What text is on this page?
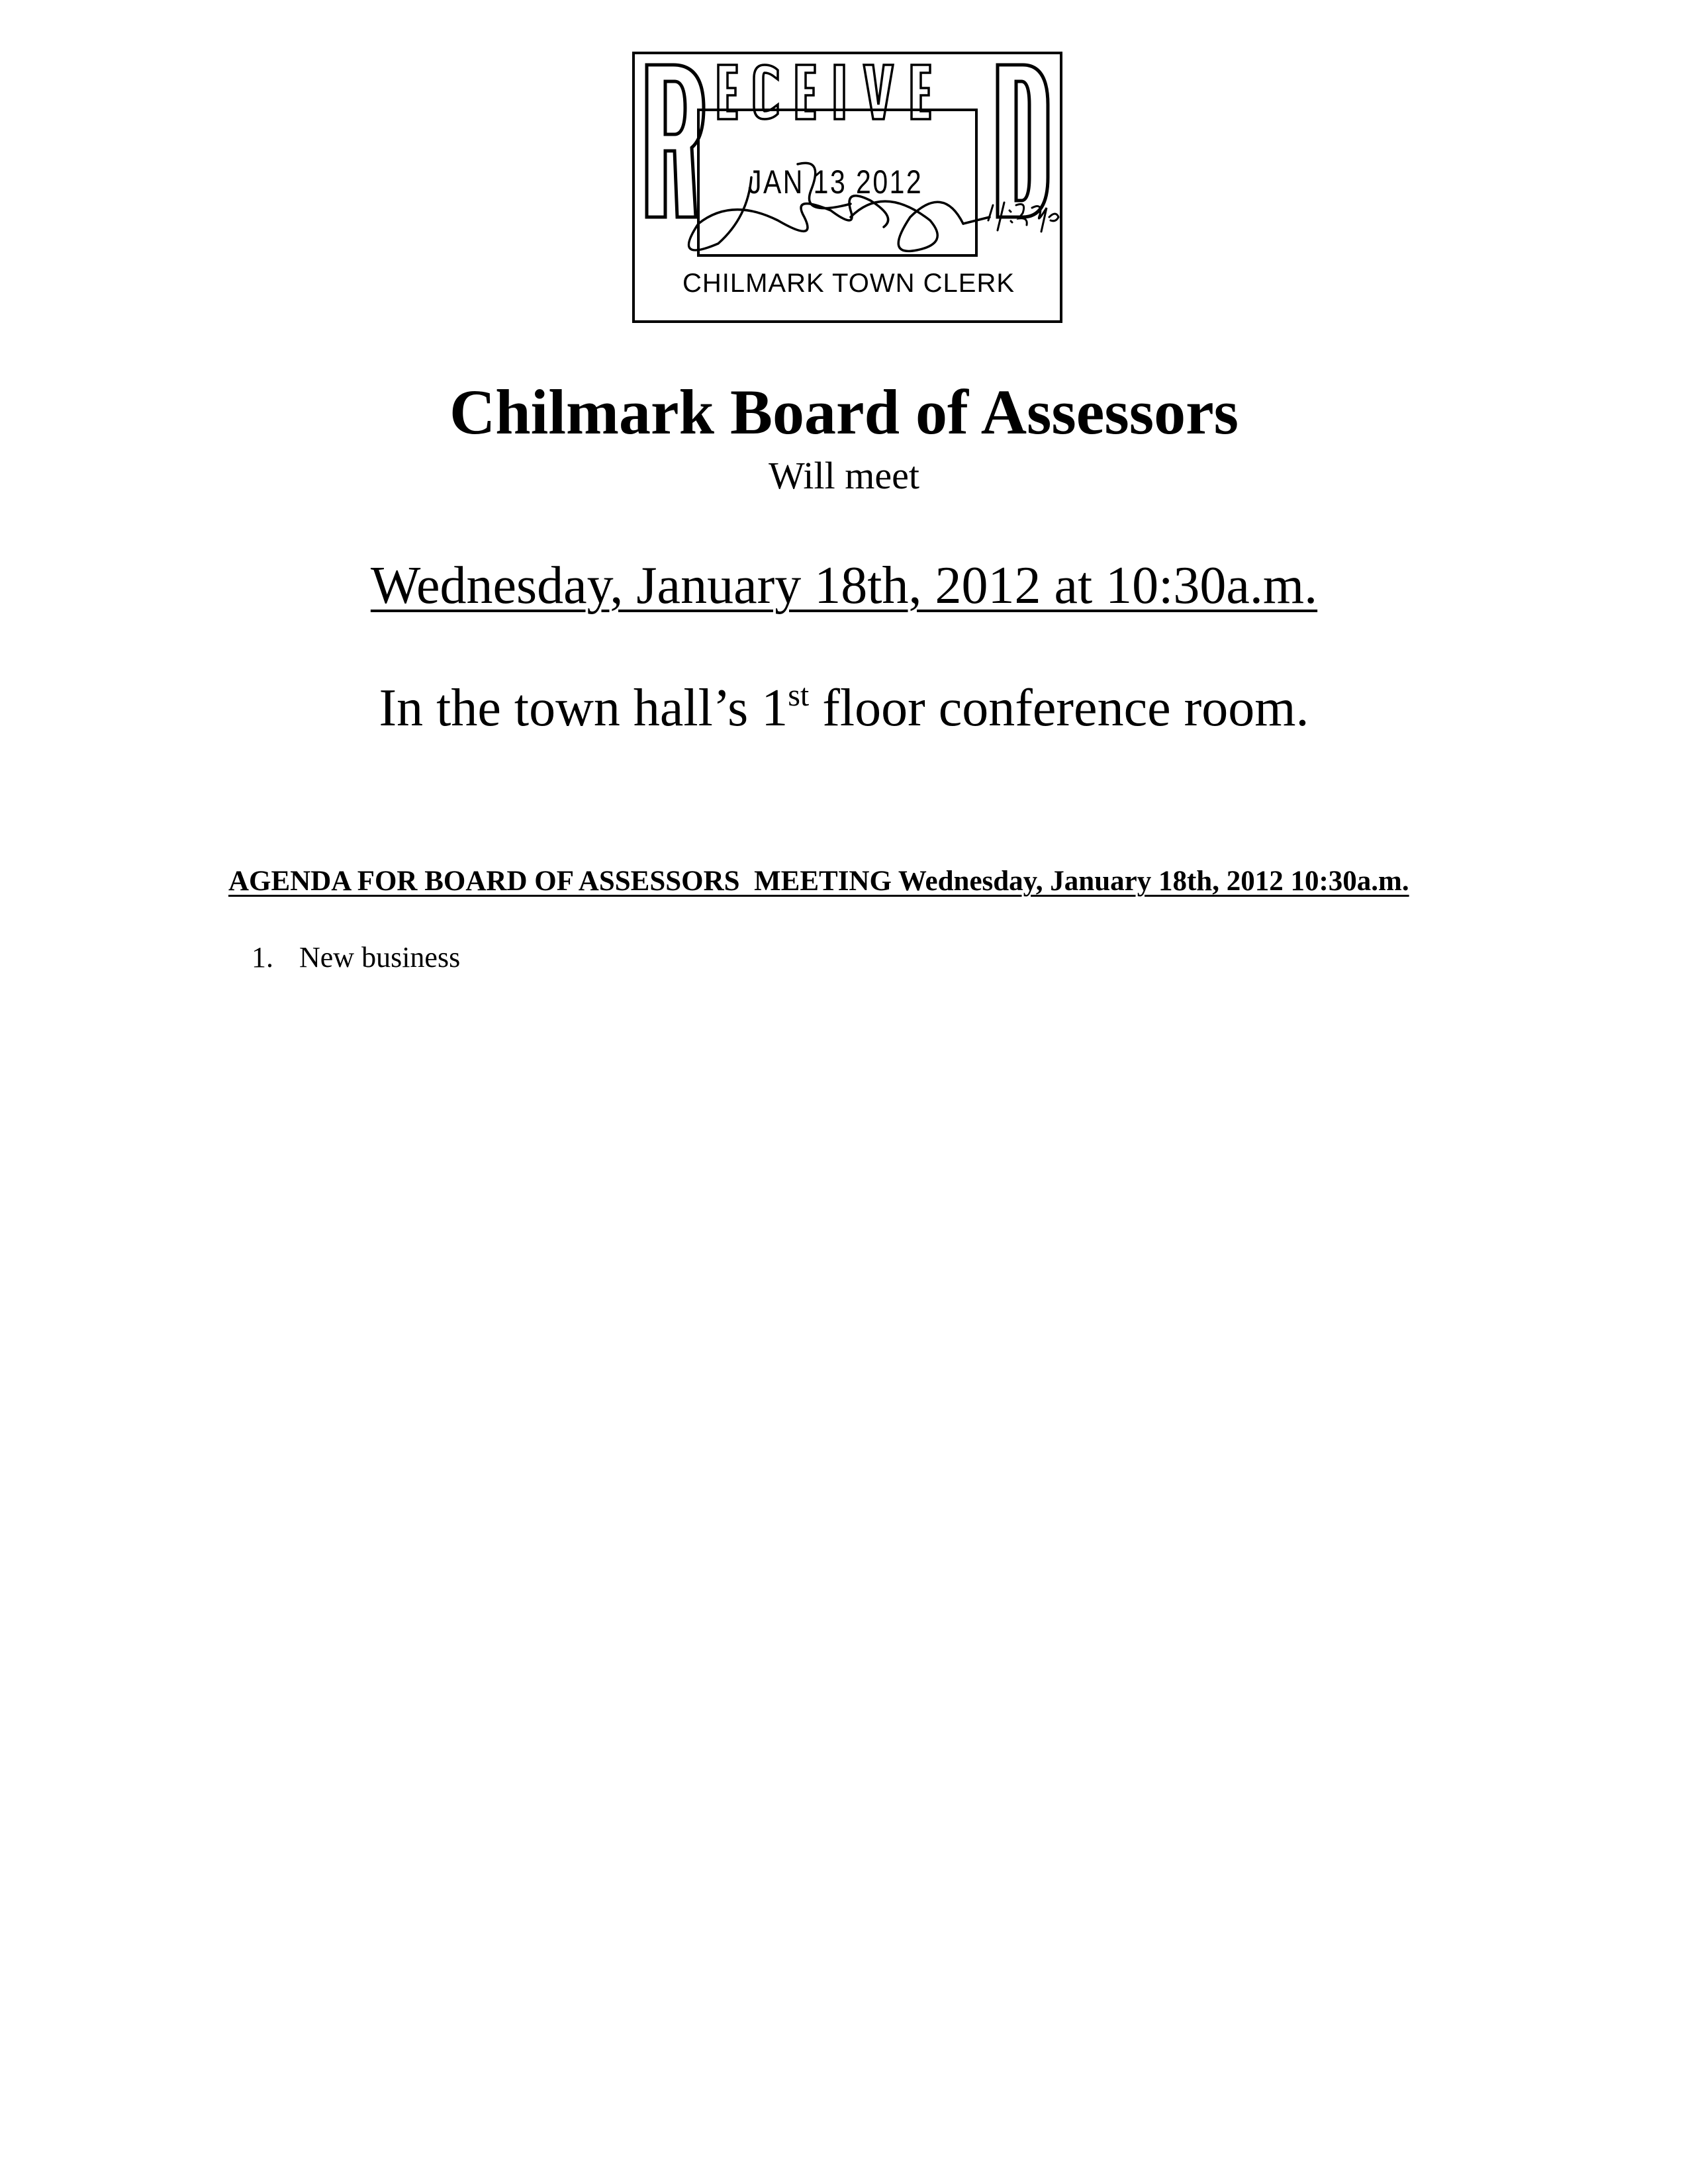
JAN 13 2012
CHILMARK TOWN CLERK
Chilmark Board of Assessors
Will meet
Wednesday, January 18th, 2012 at 10:30a.m.
In the town hall’s 1st floor conference room.
AGENDA FOR BOARD OF ASSESSORS  MEETING Wednesday, January 18th, 2012 10:30a.m.
1. New business
